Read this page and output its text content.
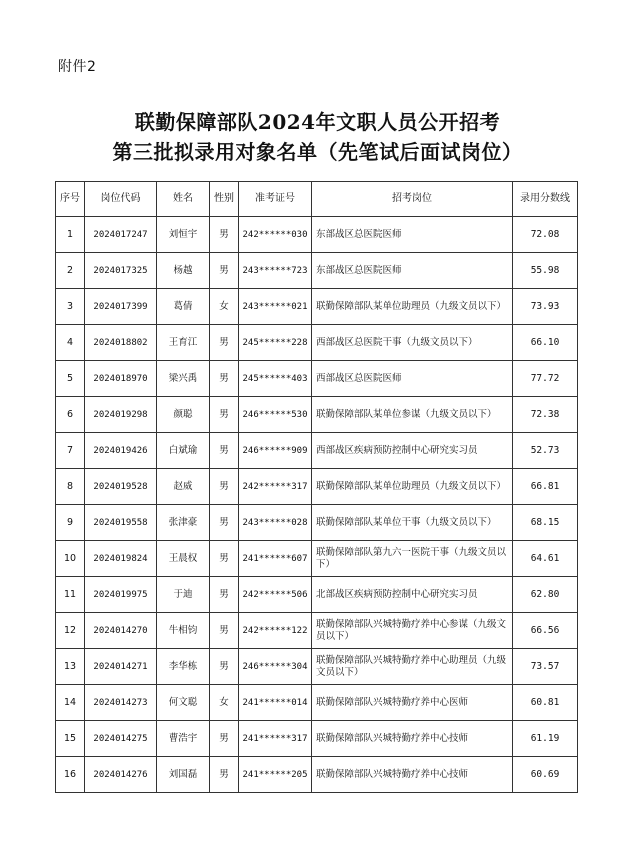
附件2
联勤保障部队2024年文职人员公开招考
第三批拟录用对象名单（先笔试后面试岗位）
序号	岗位代码	姓名	性别	准考证号	招考岗位	录用分数线
1	2024017247	刘恒宇	男	242******030	东部战区总医院医师	72.08
2	2024017325	杨越	男	243******723	东部战区总医院医师	55.98
3	2024017399	葛倩	女	243******021	联勤保障部队某单位助理员（九级文员以下）	73.93
4	2024018802	王育江	男	245******228	西部战区总医院干事（九级文员以下）	66.10
5	2024018970	梁兴禹	男	245******403	西部战区总医院医师	77.72
6	2024019298	颜聪	男	246******530	联勤保障部队某单位参谋（九级文员以下）	72.38
7	2024019426	白斌瑜	男	246******909	西部战区疾病预防控制中心研究实习员	52.73
8	2024019528	赵威	男	242******317	联勤保障部队某单位助理员（九级文员以下）	66.81
9	2024019558	张津豪	男	243******028	联勤保障部队某单位干事（九级文员以下）	68.15
10	2024019824	王晨权	男	241******607	联勤保障部队第九六一医院干事（九级文员以下）	64.61
11	2024019975	于迪	男	242******506	北部战区疾病预防控制中心研究实习员	62.80
12	2024014270	牛相钧	男	242******122	联勤保障部队兴城特勤疗养中心参谋（九级文员以下）	66.56
13	2024014271	李华栋	男	246******304	联勤保障部队兴城特勤疗养中心助理员（九级文员以下）	73.57
14	2024014273	何文聪	女	241******014	联勤保障部队兴城特勤疗养中心医师	60.81
15	2024014275	曹浩宇	男	241******317	联勤保障部队兴城特勤疗养中心技师	61.19
16	2024014276	刘国磊	男	241******205	联勤保障部队兴城特勤疗养中心技师	60.69
